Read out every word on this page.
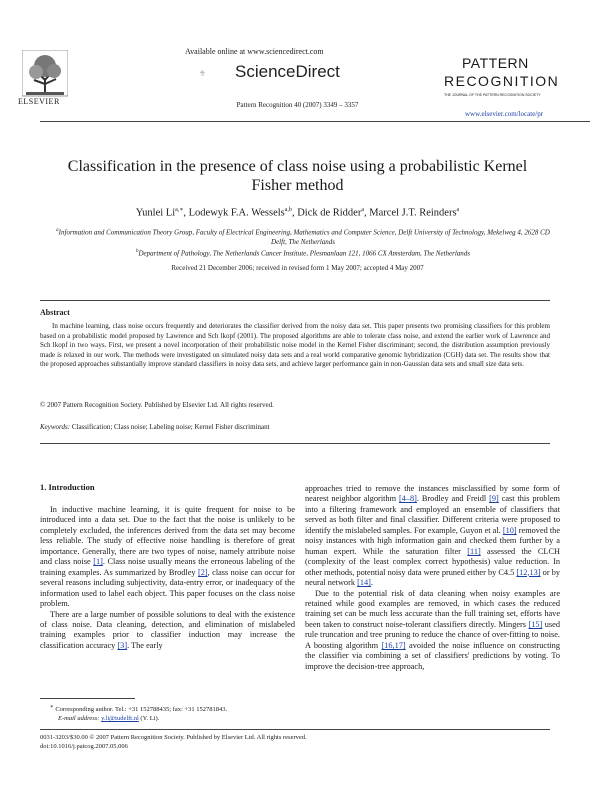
ELSEVIER
Available online at www.sciencedirect.com
ScienceDirect
Pattern Recognition 40 (2007) 3349 – 3357
PATTERN
RECOGNITION
THE JOURNAL OF THE PATTERN RECOGNITION SOCIETY
www.elsevier.com/locate/pr
Classification in the presence of class noise using a probabilistic Kernel Fisher method
Yunlei $Li^{a,∗}$, Lodewyk F.A. Wessels$^{a,b}$, Dick de Ridder$^a$, Marcel J.T. Reinders$^a$
$^a$Information and Communication Theory Group, Faculty of Electrical Engineering, Mathematics and Computer Science, Delft University of Technology, Mekelweg 4, 2628 CD Delft, The Netherlands
$^b$Department of Pathology, The Netherlands Cancer Institute, Plesmanlaan 121, 1066 CX Amsterdam, The Netherlands
Received 21 December 2006; received in revised form 1 May 2007; accepted 4 May 2007
Abstract
In machine learning, class noise occurs frequently and deteriorates the classifier derived from the noisy data set. This paper presents two promising classifiers for this problem based on a probabilistic model proposed by Lawrence and Sch lkopf (2001). The proposed algorithms are able to tolerate class noise, and extend the earlier work of Lawrence and Sch lkopf in two ways. First, we present a novel incorporation of their probabilistic noise model in the Kernel Fisher discriminant; second, the distribution assumption previously made is relaxed in our work. The methods were investigated on simulated noisy data sets and a real world comparative genomic hybridization (CGH) data set. The results show that the proposed approaches substantially improve standard classifiers in noisy data sets, and achieve larger performance gain in non-Gaussian data sets and small size data sets.
© 2007 Pattern Recognition Society. Published by Elsevier Ltd. All rights reserved.
Keywords: Classification; Class noise; Labeling noise; Kernel Fisher discriminant
1. Introduction

In inductive machine learning, it is quite frequent for noise to be introduced into a data set. Due to the fact that the noise is unlikely to be completely excluded, the inferences derived from the data set may become less reliable. The study of effective noise handling is therefore of great importance. Generally, there are two types of noise, namely attribute noise and class noise [1]. Class noise usually means the erroneous labeling of the training examples. As summarized by Brodley [2], class noise can occur for several reasons including subjectivity, data-entry error, or inadequacy of the information used to label each object. This paper focuses on the class noise problem.

There are a large number of possible solutions to deal with the existence of class noise. Data cleaning, detection, and elimination of mislabeled training examples prior to classifier induction may increase the classification accuracy [3]. The early

approaches tried to remove the instances misclassified by some form of nearest neighbor algorithm [4–8]. Brodley and Freidl [9] cast this problem into a filtering framework and employed an ensemble of classifiers that served as both filter and final classifier. Different criteria were proposed to identify the mislabeled samples. For example, Guyon et al. [10] removed the noisy instances with high information gain and checked them further by a human expert. While the saturation filter [11] assessed the CLCH (complexity of the least complex correct hypothesis) value reduction. In other methods, potential noisy data were pruned either by C4.5 [12,13] or by neural network [14].

Due to the potential risk of data cleaning when noisy examples are retained while good examples are removed, in which cases the reduced training set can be much less accurate than the full training set, efforts have been taken to construct noise-tolerant classifiers directly. Mingers [15] used rule truncation and tree pruning to reduce the chance of over-fitting to noise. A boosting algorithm [16,17] avoided the noise influence on constructing the classifier via combining a set of classifiers' predictions by voting. To improve the decision-tree approach,

∗ Corresponding author. Tel.: +31 152788435; fax: +31 152781843.
E-mail address: y.li@tudelft.nl (Y. Li).
0031-3203/$30.00 © 2007 Pattern Recognition Society. Published by Elsevier Ltd. All rights reserved.
doi:10.1016/j.patcog.2007.05.006
